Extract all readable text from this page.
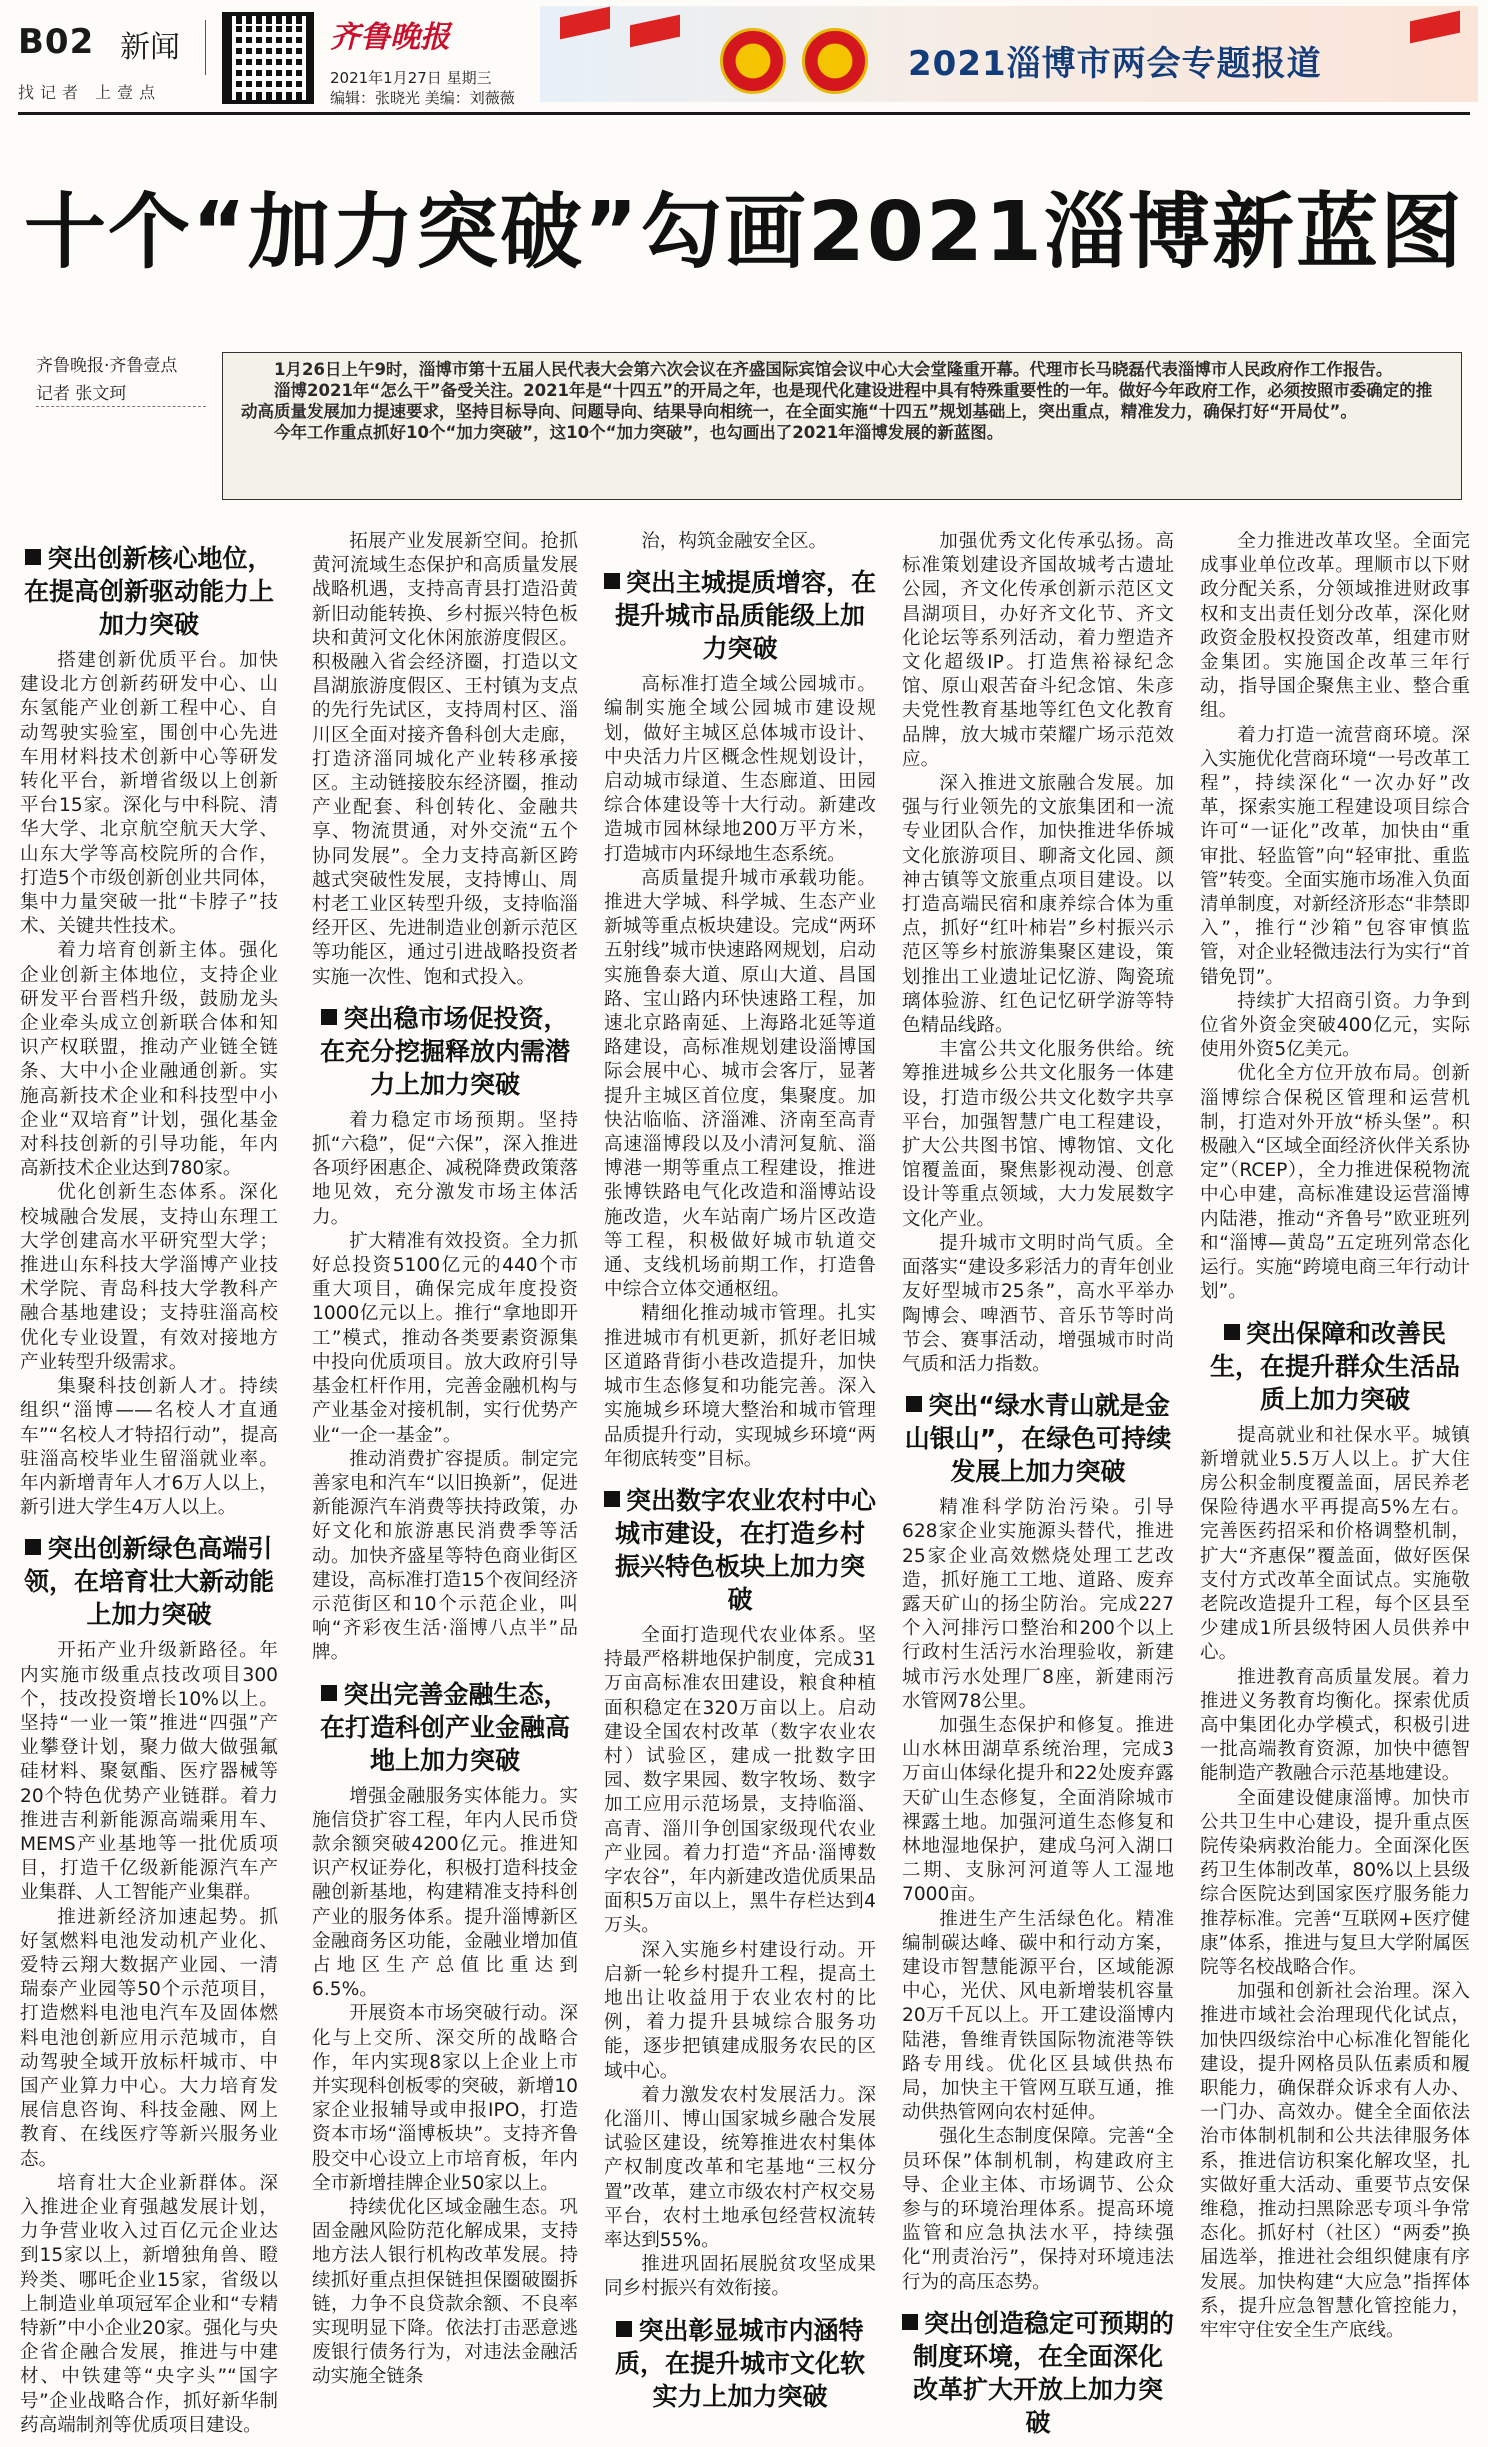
B02 新闻
找记者 上壹点
齐鲁晚报
2021年1月27日 星期三
编辑：张晓光 美编：刘薇薇
2021淄博市两会专题报道
十个“加力突破”勾画2021淄博新蓝图
齐鲁晚报·齐鲁壹点
记者 张文珂

1月26日上午9时，淄博市第十五届人民代表大会第六次会议在齐盛国际宾馆会议中心大会堂隆重开幕。代理市长马晓磊代表淄博市人民政府作工作报告。

淄博2021年“怎么干”备受关注。2021年是“十四五”的开局之年，也是现代化建设进程中具有特殊重要性的一年。做好今年政府工作，必须按照市委确定的推动高质量发展加力提速要求，坚持目标导向、问题导向、结果导向相统一，在全面实施“十四五”规划基础上，突出重点，精准发力，确保打好“开局仗”。

今年工作重点抓好10个“加力突破”，这10个“加力突破”，也勾画出了2021年淄博发展的新蓝图。

突出创新核心地位，在提高创新驱动能力上加力突破

搭建创新优质平台。加快建设北方创新药研发中心、山东氢能产业创新工程中心、自动驾驶实验室，围创中心先进车用材料技术创新中心等研发转化平台，新增省级以上创新平台15家。深化与中科院、清华大学、北京航空航天大学、山东大学等高校院所的合作，打造5个市级创新创业共同体，集中力量突破一批“卡脖子”技术、关键共性技术。

着力培育创新主体。强化企业创新主体地位，支持企业研发平台晋档升级，鼓励龙头企业牵头成立创新联合体和知识产权联盟，推动产业链全链条、大中小企业融通创新。实施高新技术企业和科技型中小企业“双培育”计划，强化基金对科技创新的引导功能，年内高新技术企业达到780家。

优化创新生态体系。深化校城融合发展，支持山东理工大学创建高水平研究型大学；推进山东科技大学淄博产业技术学院、青岛科技大学教科产融合基地建设；支持驻淄高校优化专业设置，有效对接地方产业转型升级需求。

集聚科技创新人才。持续组织“淄博——名校人才直通车”“名校人才特招行动”，提高驻淄高校毕业生留淄就业率。年内新增青年人才6万人以上，新引进大学生4万人以上。

突出创新绿色高端引领，在培育壮大新动能上加力突破

开拓产业升级新路径。年内实施市级重点技改项目300个，技改投资增长10%以上。坚持“一业一策”推进“四强”产业攀登计划，聚力做大做强氟硅材料、聚氨酯、医疗器械等20个特色优势产业链群。着力推进吉利新能源高端乘用车、MEMS产业基地等一批优质项目，打造千亿级新能源汽车产业集群、人工智能产业集群。

推进新经济加速起势。抓好氢燃料电池发动机产业化、爱特云翔大数据产业园、一清瑞泰产业园等50个示范项目，打造燃料电池电汽车及固体燃料电池创新应用示范城市，自动驾驶全域开放标杆城市、中国产业算力中心。大力培育发展信息咨询、科技金融、网上教育、在线医疗等新兴服务业态。

培育壮大企业新群体。深入推进企业育强越发展计划，力争营业收入过百亿元企业达到15家以上，新增独角兽、瞪羚类、哪吒企业15家，省级以上制造业单项冠军企业和“专精特新”中小企业20家。强化与央企省企融合发展，推进与中建材、中铁建等“央字头”“国字号”企业战略合作，抓好新华制药高端制剂等优质项目建设。

拓展产业发展新空间。抢抓黄河流域生态保护和高质量发展战略机遇，支持高青县打造沿黄新旧动能转换、乡村振兴特色板块和黄河文化休闲旅游度假区。积极融入省会经济圈，打造以文昌湖旅游度假区、王村镇为支点的先行先试区，支持周村区、淄川区全面对接齐鲁科创大走廊，打造济淄同城化产业转移承接区。主动链接胶东经济圈，推动产业配套、科创转化、金融共享、物流贯通，对外交流“五个协同发展”。全力支持高新区跨越式突破性发展，支持博山、周村老工业区转型升级，支持临淄经开区、先进制造业创新示范区等功能区，通过引进战略投资者实施一次性、饱和式投入。

突出稳市场促投资，在充分挖掘释放内需潜力上加力突破

着力稳定市场预期。坚持抓“六稳”，促“六保”，深入推进各项纾困惠企、减税降费政策落地见效，充分激发市场主体活力。

扩大精准有效投资。全力抓好总投资5100亿元的440个市重大项目，确保完成年度投资1000亿元以上。推行“拿地即开工”模式，推动各类要素资源集中投向优质项目。放大政府引导基金杠杆作用，完善金融机构与产业基金对接机制，实行优势产业“一企一基金”。

推动消费扩容提质。制定完善家电和汽车“以旧换新”，促进新能源汽车消费等扶持政策，办好文化和旅游惠民消费季等活动。加快齐盛星等特色商业街区建设，高标准打造15个夜间经济示范街区和10个示范企业，叫响“齐彩夜生活·淄博八点半”品牌。

突出完善金融生态，在打造科创产业金融高地上加力突破

增强金融服务实体能力。实施信贷扩容工程，年内人民币贷款余额突破4200亿元。推进知识产权证券化，积极打造科技金融创新基地，构建精准支持科创产业的服务体系。提升淄博新区金融商务区功能，金融业增加值占地区生产总值比重达到6.5%。

开展资本市场突破行动。深化与上交所、深交所的战略合作，年内实现8家以上企业上市并实现科创板零的突破，新增10家企业报辅导或申报IPO，打造资本市场“淄博板块”。支持齐鲁股交中心设立上市培育板，年内全市新增挂牌企业50家以上。

持续优化区域金融生态。巩固金融风险防范化解成果，支持地方法人银行机构改革发展。持续抓好重点担保链担保圈破圈拆链，力争不良贷款余额、不良率实现明显下降。依法打击恶意逃废银行债务行为，对违法金融活动实施全链条

治，构筑金融安全区。

突出主城提质增容，在提升城市品质能级上加力突破

高标准打造全域公园城市。编制实施全域公园城市建设规划，做好主城区总体城市设计、中央活力片区概念性规划设计，启动城市绿道、生态廊道、田园综合体建设等十大行动。新建改造城市园林绿地200万平方米，打造城市内环绿地生态系统。

高质量提升城市承载功能。推进大学城、科学城、生态产业新城等重点板块建设。完成“两环五射线”城市快速路网规划，启动实施鲁泰大道、原山大道、昌国路、宝山路内环快速路工程，加速北京路南延、上海路北延等道路建设，高标准规划建设淄博国际会展中心、城市会客厅，显著提升主城区首位度，集聚度。加快沾临临、济淄滩、济南至高青高速淄博段以及小清河复航、淄博港一期等重点工程建设，推进张博铁路电气化改造和淄博站设施改造，火车站南广场片区改造等工程，积极做好城市轨道交通、支线机场前期工作，打造鲁中综合立体交通枢纽。

精细化推动城市管理。扎实推进城市有机更新，抓好老旧城区道路背街小巷改造提升，加快城市生态修复和功能完善。深入实施城乡环境大整治和城市管理品质提升行动，实现城乡环境“两年彻底转变”目标。

突出数字农业农村中心城市建设，在打造乡村振兴特色板块上加力突破

全面打造现代农业体系。坚持最严格耕地保护制度，完成31万亩高标准农田建设，粮食种植面积稳定在320万亩以上。启动建设全国农村改革（数字农业农村）试验区，建成一批数字田园、数字果园、数字牧场、数字加工应用示范场景，支持临淄、高青、淄川争创国家级现代农业产业园。着力打造“齐品·淄博数字农谷”，年内新建改造优质果品面积5万亩以上，黑牛存栏达到4万头。

深入实施乡村建设行动。开启新一轮乡村提升工程，提高土地出让收益用于农业农村的比例，着力提升县城综合服务功能，逐步把镇建成服务农民的区域中心。

着力激发农村发展活力。深化淄川、博山国家城乡融合发展试验区建设，统筹推进农村集体产权制度改革和宅基地“三权分置”改革，建立市级农村产权交易平台，农村土地承包经营权流转率达到55%。

推进巩固拓展脱贫攻坚成果同乡村振兴有效衔接。

突出彰显城市内涵特质，在提升城市文化软实力上加力突破

加强优秀文化传承弘扬。高标准策划建设齐国故城考古遗址公园，齐文化传承创新示范区文昌湖项目，办好齐文化节、齐文化论坛等系列活动，着力塑造齐文化超级IP。打造焦裕禄纪念馆、原山艰苦奋斗纪念馆、朱彦夫党性教育基地等红色文化教育品牌，放大城市荣耀广场示范效应。

深入推进文旅融合发展。加强与行业领先的文旅集团和一流专业团队合作，加快推进华侨城文化旅游项目、聊斋文化园、颜神古镇等文旅重点项目建设。以打造高端民宿和康养综合体为重点，抓好“红叶柿岩”乡村振兴示范区等乡村旅游集聚区建设，策划推出工业遗址记忆游、陶瓷琉璃体验游、红色记忆研学游等特色精品线路。

丰富公共文化服务供给。统筹推进城乡公共文化服务一体建设，打造市级公共文化数字共享平台，加强智慧广电工程建设，扩大公共图书馆、博物馆、文化馆覆盖面，聚焦影视动漫、创意设计等重点领域，大力发展数字文化产业。

提升城市文明时尚气质。全面落实“建设多彩活力的青年创业友好型城市25条”，高水平举办陶博会、啤酒节、音乐节等时尚节会、赛事活动，增强城市时尚气质和活力指数。

突出“绿水青山就是金山银山”，在绿色可持续发展上加力突破

精准科学防治污染。引导628家企业实施源头替代，推进25家企业高效燃烧处理工艺改造，抓好施工工地、道路、废弃露天矿山的扬尘防治。完成227个入河排污口整治和200个以上行政村生活污水治理验收，新建城市污水处理厂8座，新建雨污水管网78公里。

加强生态保护和修复。推进山水林田湖草系统治理，完成3万亩山体绿化提升和22处废弃露天矿山生态修复，全面消除城市裸露土地。加强河道生态修复和林地湿地保护，建成乌河入湖口二期、支脉河河道等人工湿地7000亩。

推进生产生活绿色化。精准编制碳达峰、碳中和行动方案，建设市智慧能源平台，区域能源中心，光伏、风电新增装机容量20万千瓦以上。开工建设淄博内陆港，鲁维青铁国际物流港等铁路专用线。优化区县域供热布局，加快主干管网互联互通，推动供热管网向农村延伸。

强化生态制度保障。完善“全员环保”体制机制，构建政府主导、企业主体、市场调节、公众参与的环境治理体系。提高环境监管和应急执法水平，持续强化“刑责治污”，保持对环境违法行为的高压态势。

突出创造稳定可预期的制度环境，在全面深化改革扩大开放上加力突破

全力推进改革攻坚。全面完成事业单位改革。理顺市以下财政分配关系，分领域推进财政事权和支出责任划分改革，深化财政资金股权投资改革，组建市财金集团。实施国企改革三年行动，指导国企聚焦主业、整合重组。

着力打造一流营商环境。深入实施优化营商环境“一号改革工程”，持续深化“一次办好”改革，探索实施工程建设项目综合许可“一证化”改革，加快由“重审批、轻监管”向“轻审批、重监管”转变。全面实施市场准入负面清单制度，对新经济形态“非禁即入”，推行“沙箱”包容审慎监管，对企业轻微违法行为实行“首错免罚”。

持续扩大招商引资。力争到位省外资金突破400亿元，实际使用外资5亿美元。

优化全方位开放布局。创新淄博综合保税区管理和运营机制，打造对外开放“桥头堡”。积极融入“区域全面经济伙伴关系协定”（RCEP），全力推进保税物流中心申建，高标准建设运营淄博内陆港，推动“齐鲁号”欧亚班列和“淄博—黄岛”五定班列常态化运行。实施“跨境电商三年行动计划”。

突出保障和改善民生，在提升群众生活品质上加力突破

提高就业和社保水平。城镇新增就业5.5万人以上。扩大住房公积金制度覆盖面，居民养老保险待遇水平再提高5%左右。完善医药招采和价格调整机制，扩大“齐惠保”覆盖面，做好医保支付方式改革全面试点。实施敬老院改造提升工程，每个区县至少建成1所县级特困人员供养中心。

推进教育高质量发展。着力推进义务教育均衡化。探索优质高中集团化办学模式，积极引进一批高端教育资源，加快中德智能制造产教融合示范基地建设。

全面建设健康淄博。加快市公共卫生中心建设，提升重点医院传染病救治能力。全面深化医药卫生体制改革，80%以上县级综合医院达到国家医疗服务能力推荐标准。完善“互联网+医疗健康”体系，推进与复旦大学附属医院等名校战略合作。

加强和创新社会治理。深入推进市域社会治理现代化试点，加快四级综治中心标准化智能化建设，提升网格员队伍素质和履职能力，确保群众诉求有人办、一门办、高效办。健全全面依法治市体制机制和公共法律服务体系，推进信访积案化解攻坚，扎实做好重大活动、重要节点安保维稳，推动扫黑除恶专项斗争常态化。抓好村（社区）“两委”换届选举，推进社会组织健康有序发展。加快构建“大应急”指挥体系，提升应急智慧化管控能力，牢牢守住安全生产底线。
